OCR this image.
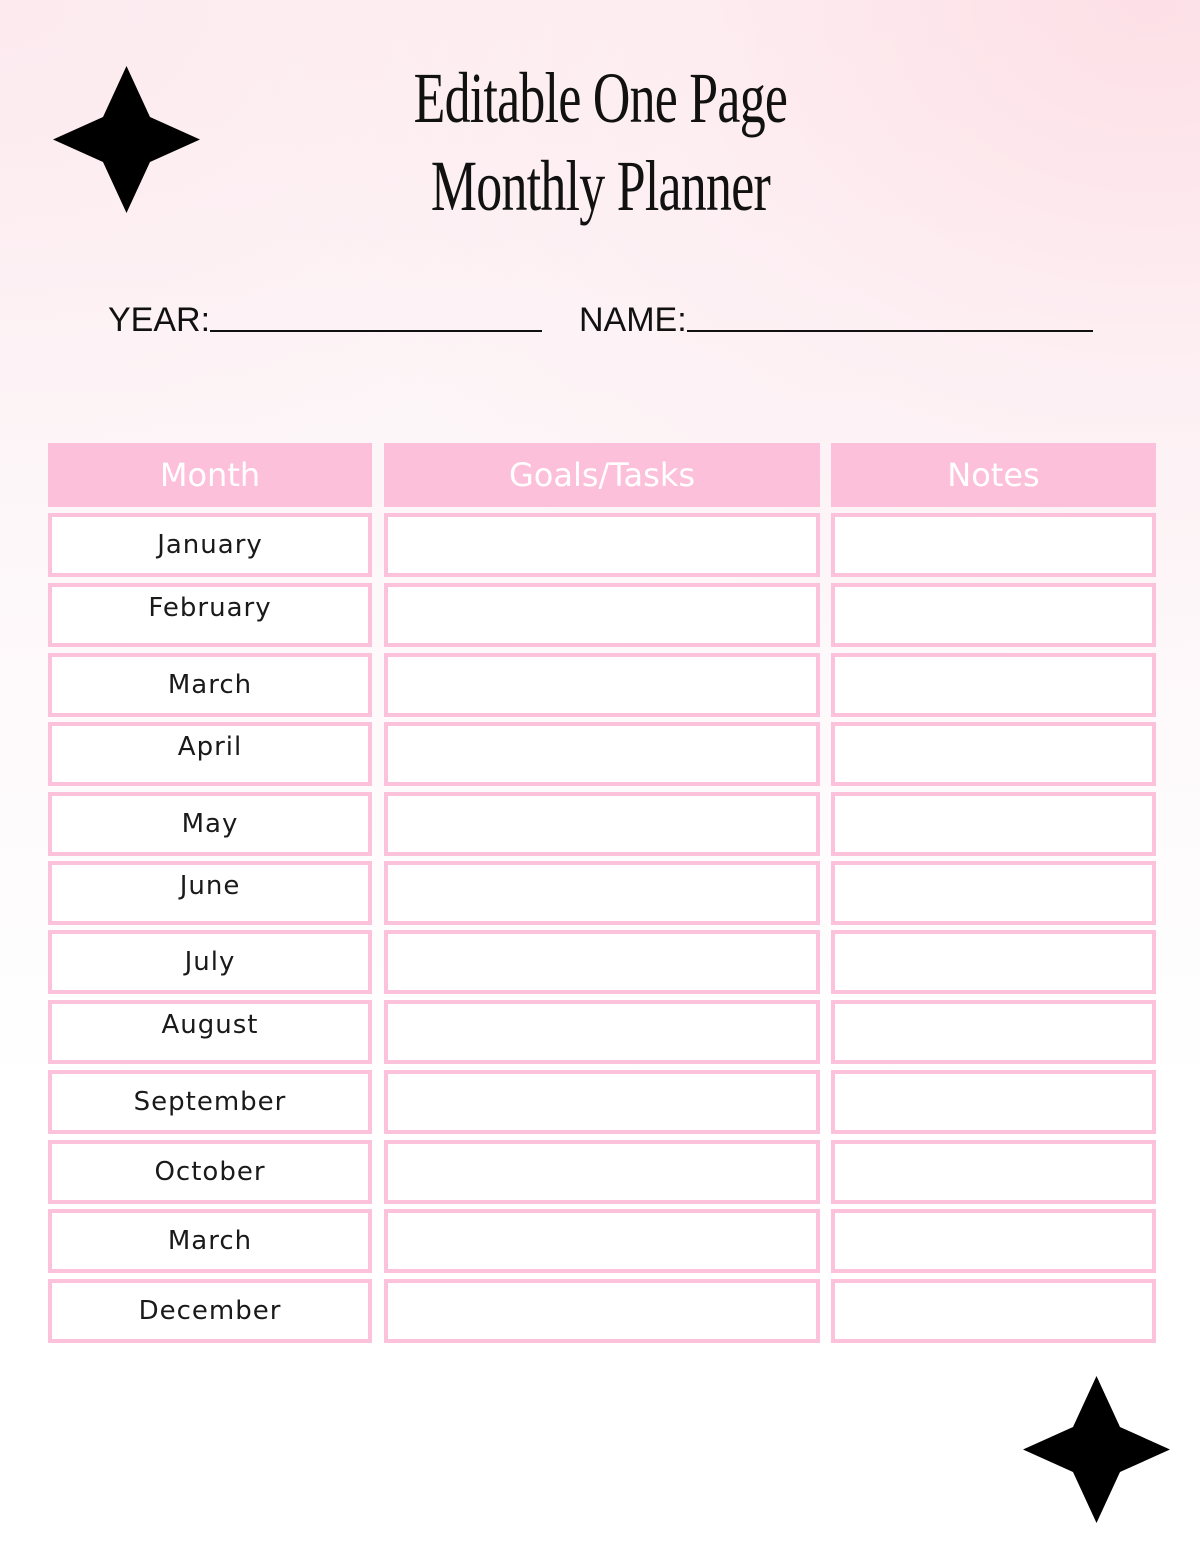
Editable One Page
Monthly Planner
YEAR:	NAME:
Month	Goals/Tasks	Notes
January
February
March
April
May
June
July
August
September
October
March
December
